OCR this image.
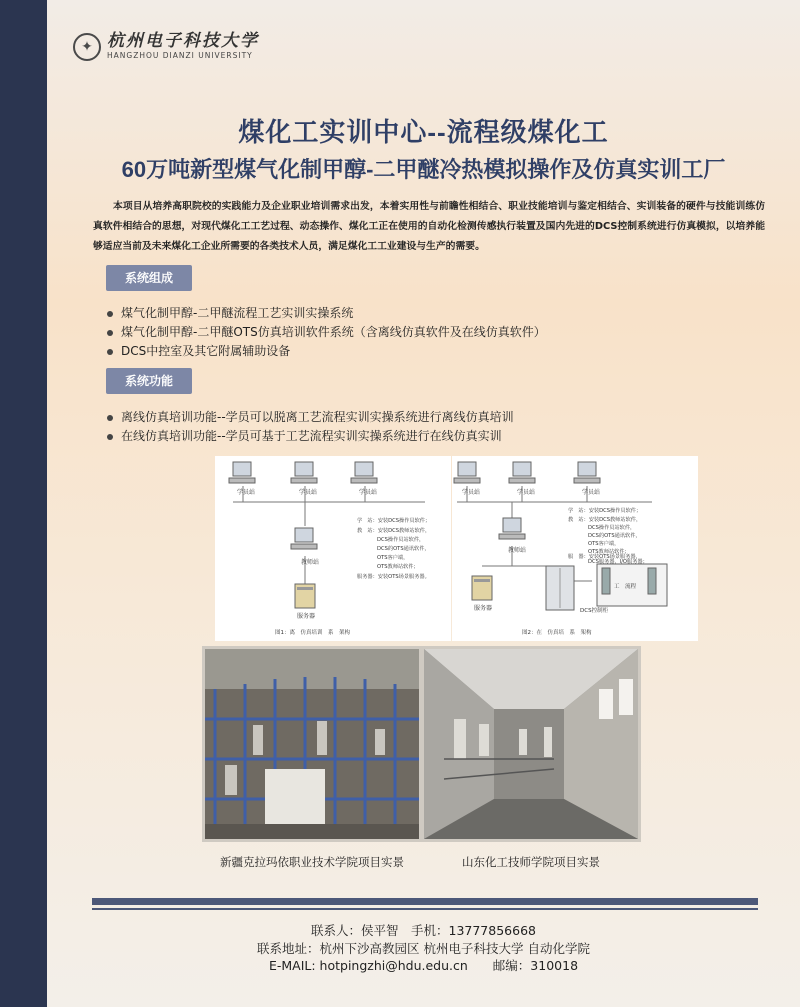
✦ 杭州电子科技大学
HANGZHOU DIANZI UNIVERSITY
煤化工实训中心--流程级煤化工
60万吨新型煤气化制甲醇-二甲醚冷热模拟操作及仿真实训工厂

本项目从培养高职院校的实践能力及企业职业培训需求出发，本着实用性与前瞻性相结合、职业技能培训与鉴定相结合、实训装备的硬件与技能训练仿真软件相结合的思想，对现代煤化工工艺过程、动态操作、煤化工正在使用的自动化检测传感执行装置及国内先进的DCS控制系统进行仿真模拟，以培养能够适应当前及未来煤化工企业所需要的各类技术人员，满足煤化工工业建设与生产的需要。

系统组成
煤气化制甲醇-二甲醚流程工艺实训实操系统
煤气化制甲醇-二甲醚OTS仿真培训软件系统（含离线仿真软件及在线仿真软件）
DCS中控室及其它附属辅助设备
系统功能
离线仿真培训功能--学员可以脱离工艺流程实训实操系统进行离线仿真培训
在线仿真培训功能--学员可基于工艺流程实训实操系统进行在线仿真实训
学员站	学员站	学员站
教师站
服务器
学　站：安装DCS操作员软件；
教　站：安装DCS教师站软件，
DCS操作员站软件，
DCS的OTS通讯软件，
OTS客户端，
OTS教师站软件；
服务器：安装OTS场景服务器。
图1：离　仿真培训　系　架构
学员站	学员站	学员站
教师站
服务器	DCS控制柜
工　流程
学　站：安装DCS操作员软件；
教　站：安装DCS教师站软件，
DCS操作员站软件，
DCS的OTS通讯软件，
OTS客户端，
OTS教师站软件；
服　器：安装OTS场景服务器，
DCS服务器，I/O服务器；
图2：在　仿真培　系　架构
新疆克拉玛依职业技术学院项目实景	山东化工技师学院项目实景
联系人：侯平智　手机：13777856668
联系地址：杭州下沙高教园区 杭州电子科技大学 自动化学院
E-MAIL: hotpingzhi@hdu.edu.cn　　邮编：310018
